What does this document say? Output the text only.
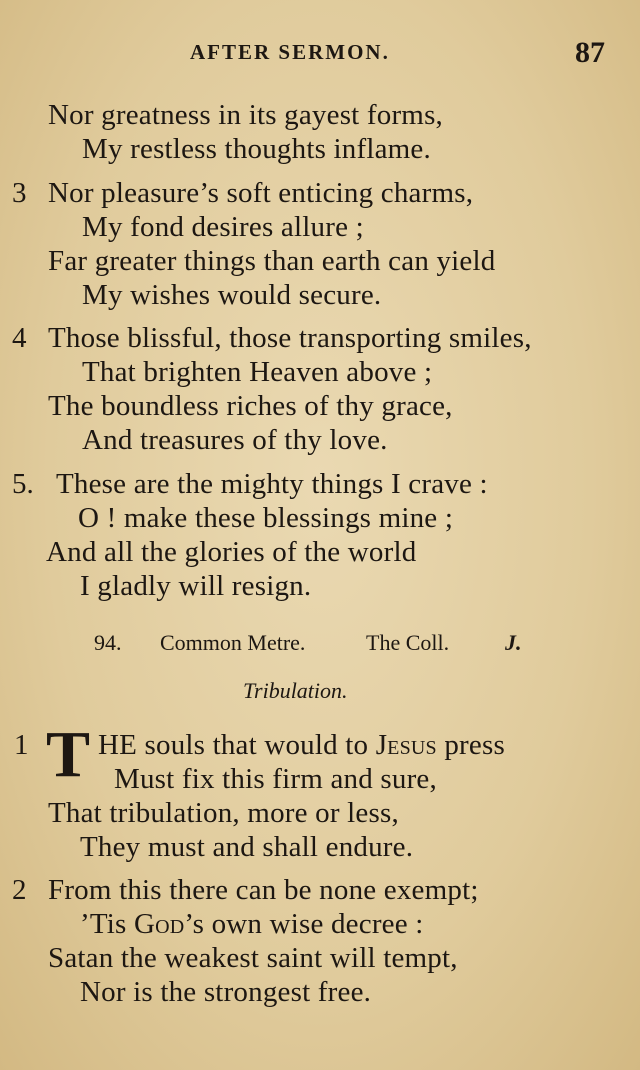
AFTER SERMON.	87
Nor greatness in its gayest forms,
My restless thoughts inflame.
3 Nor pleasure’s soft enticing charms,
My fond desires allure ;
Far greater things than earth can yield
My wishes would secure.
4 Those blissful, those transporting smiles,
That brighten Heaven above ;
The boundless riches of thy grace,
And treasures of thy love.
5. These are the mighty things I crave :
O ! make these blessings mine ;
And all the glories of the world
I gladly will resign.
94. Common Metre.	The Coll.	J.
Tribulation.
1 T HE souls that would to Jesus press
Must fix this firm and sure,
That tribulation, more or less,
They must and shall endure.
2 From this there can be none exempt;
’Tis God’s own wise decree :
Satan the weakest saint will tempt,
Nor is the strongest free.
